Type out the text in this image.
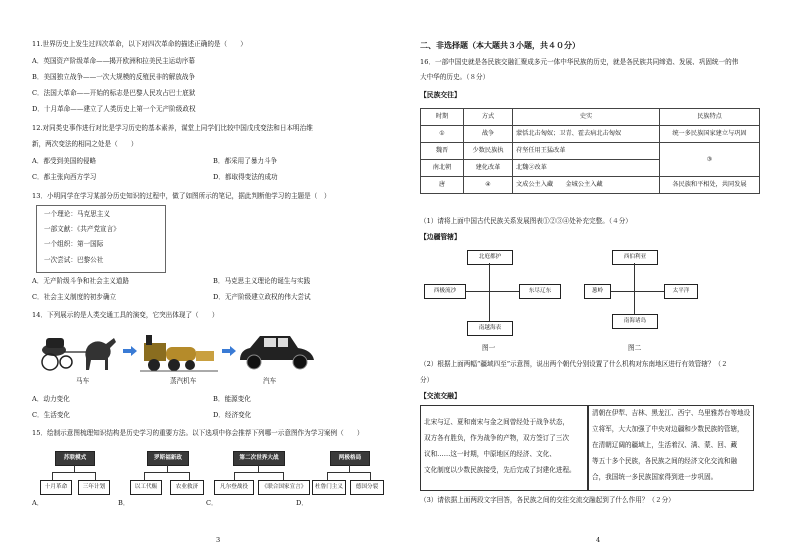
11.世界历史上发生过四次革命，以下对四次革命的描述正确的是（　　）
A．英国资产阶级革命——揭开欧洲和拉美民主运动序幕
B．美国独立战争——一次大规模的反殖民非的解放战争
C．法国大革命——开始的标志是巴黎人民攻占巴士底狱
D．十月革命——建立了人类历史上第一个无产阶级政权
12.对同类史事作进行对比是学习历史的基本素养，谋堂上同学们比较中国戊戌变法和日本明治维
新，两次变法的相同之处是（　　）
A．都受到美国的侵略	B．都采用了暴力斗争
C．都主张向西方学习	D．都取得变法的成功
13．小明同学在学习某部分历史知识的过程中，做了如图所示的笔记，据此判断他学习的主题是（　）
一个理论：马克思主义
一部文献：《共产党宣言》
一个组织：第一国际
一次尝试：巴黎公社
A．无产阶级斗争和社会主义道路	B．马克思主义理论的诞生与实践
C．社会主义制度的初步确立	D．无产阶级建立政权的伟大尝试
14．下列展示的是人类交通工具的演变，它突出体现了（　　）
马车	蒸汽机车	汽车
A．动力变化	B．能源变化
C．生活变化	D．经济变化
15．绘制示意图梳理知识结构是历史学习的重要方法。以下选项中你会推荐下列哪一示意图作为学习案例（　　）
苏联模式
十月革命	三年计划
罗斯福新政
以工代赈	农业救济
第二次世界大战
凡尔登战役	《联合国家宣言》
两极格局
杜鲁门主义	德国分裂
A．	B．	C．	D．
3
二、非选择题（本大题共３小题，共４０分）
16．一部中国史就是各民族交融汇聚成多元一体中华民族的历史，就是各民族共同缔造、发展、巩固统一的伟
大中华的历史。（８分）
【民族交往】
时期	方式	史实	民族特点
①	战争	蒙恬北击匈奴；卫青、霍去病北击匈奴	统一多民族国家建立与巩固
魏晋	少数民族执	苻坚任用王猛改革	③
南北朝	建化改革	北魏②改革	
唐	④	文成公主入藏　　金城公主入藏	各民族和平相处，共同发展
（1）请将上面中国古代民族关系发展图表①②③④处补充完整。（４分）
【边疆管辖】
北庭都护
西极流沙	东尽辽东
南越海表
图一
西伯利亚
葱岭	太平洋
南海诸岛
图二
（2）根据上面两幅“疆域四至”示意图，说出两个朝代分别设置了什么机构对东南地区进行有效管辖？（２
分）
【交流交融】
北宋与辽、夏和南宋与金之间曾经处于战争状态，
双方各有胜负，作为战争的产物，双方签订了三次
议和……这一时期，中原地区的经济、文化、
文化制度以少数民族接受，先后完成了封建化进程。
清朝在伊犁、吉林、黑龙江、西宁、乌里雅苏台等地设
立将军，大大加强了中央对边疆和少数民族的管辖，
在清朝辽阔的疆域上，生活着汉、满、蒙、回、藏
等五十多个民族，各民族之间的经济文化交流和融
合，我国统一多民族国家得到进一步巩固。
（3）请依据上面两段文字回答，各民族之间的交往交流交融起到了什么作用？（２分）
4
